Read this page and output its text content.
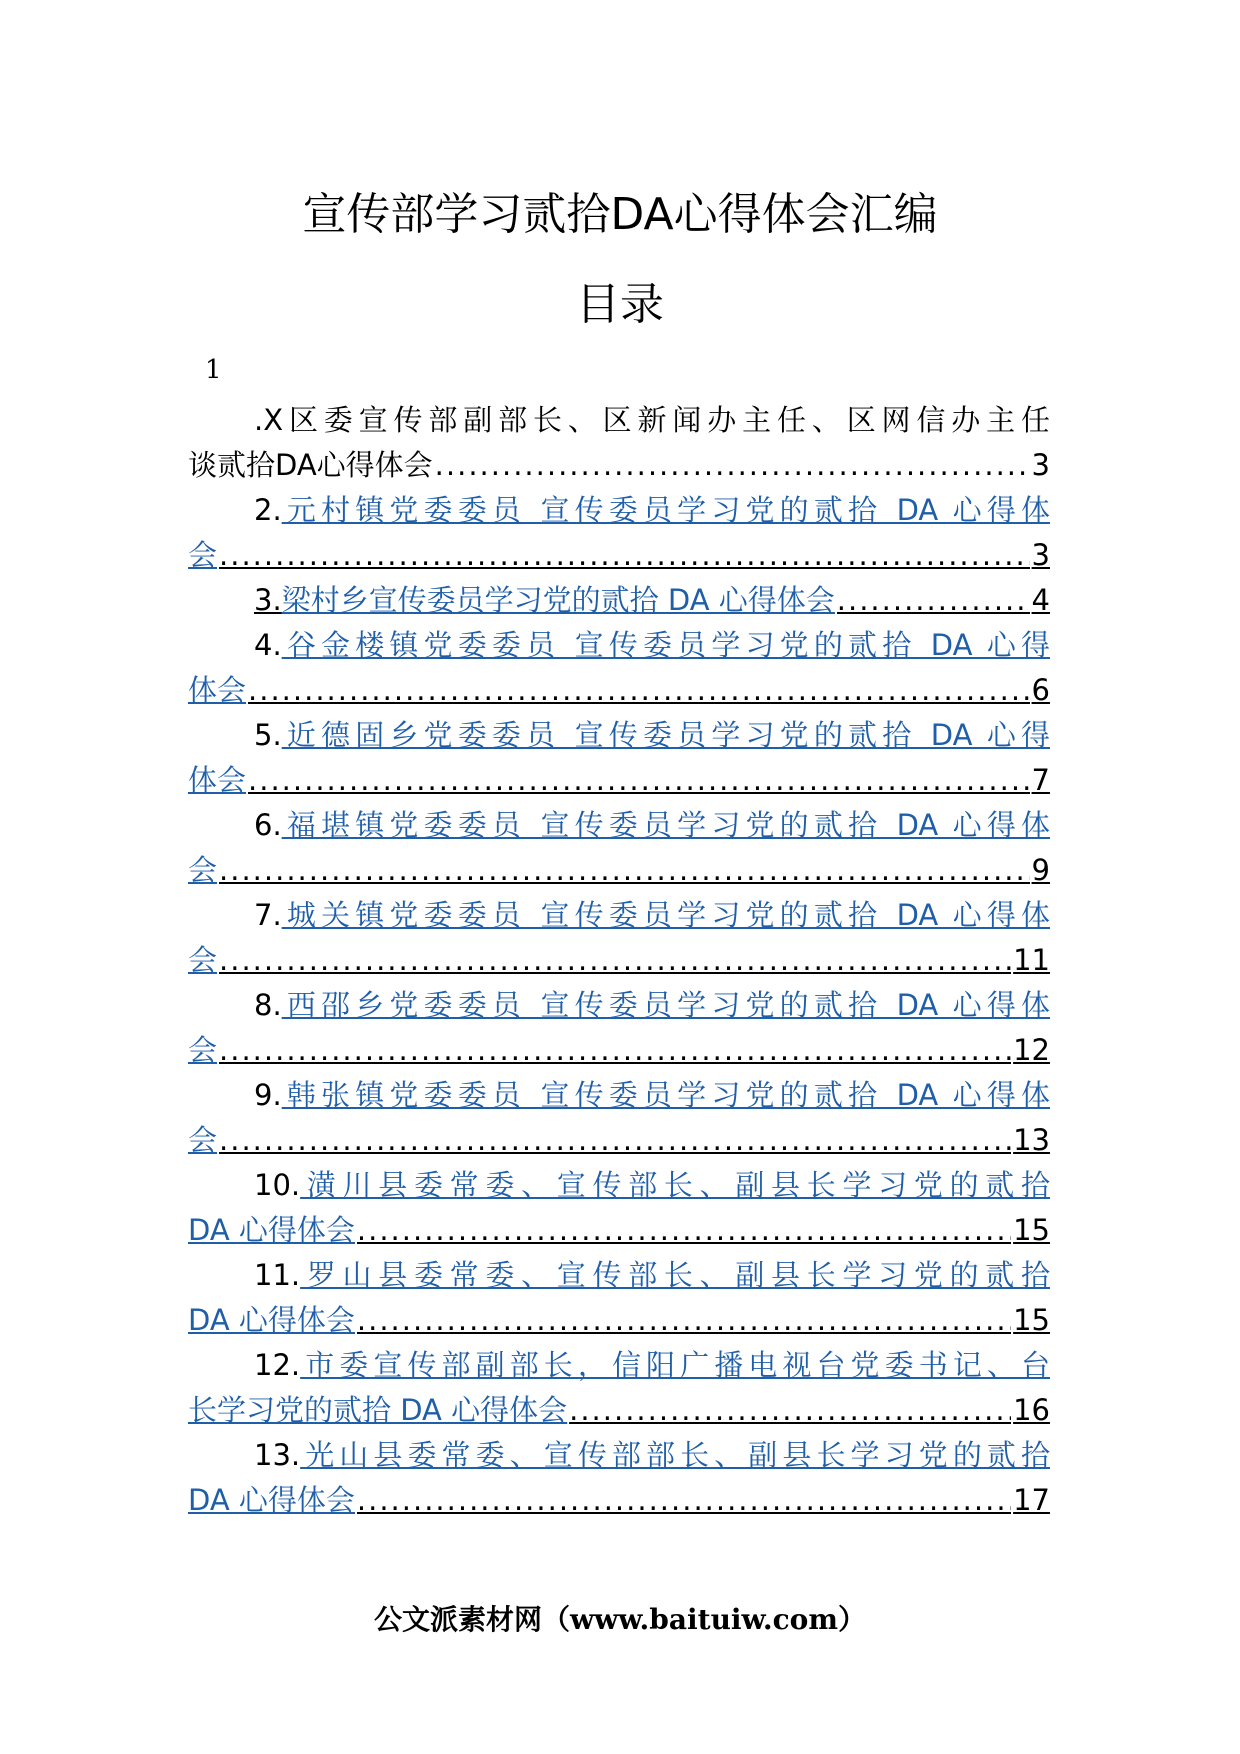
宣传部学习贰拾DA心得体会汇编
目录
1
.X区委宣传部副部长、区新闻办主任、区网信办主任
谈贰拾DA心得体会 .....	3
2.元村镇党委委员 宣传委员学习党的贰拾 DA 心得体
会 .....	3
3. 梁村乡宣传委员学习党的贰拾 DA 心得体会 .....	4
4.谷金楼镇党委委员 宣传委员学习党的贰拾 DA 心得
体会 .....	6
5.近德固乡党委委员 宣传委员学习党的贰拾 DA 心得
体会 .....	7
6.福堪镇党委委员 宣传委员学习党的贰拾 DA 心得体
会 .....	9
7.城关镇党委委员 宣传委员学习党的贰拾 DA 心得体
会 .....	11
8.西邵乡党委委员 宣传委员学习党的贰拾 DA 心得体
会 .....	12
9.韩张镇党委委员 宣传委员学习党的贰拾 DA 心得体
会 .....	13
10.潢川县委常委、宣传部长、副县长学习党的贰拾
DA 心得体会 .....	15
11.罗山县委常委、宣传部长、副县长学习党的贰拾
DA 心得体会 .....	15
12.市委宣传部副部长，信阳广播电视台党委书记、台
长学习党的贰拾 DA 心得体会 .....	16
13.光山县委常委、宣传部部长、副县长学习党的贰拾
DA 心得体会 .....	17
公文派素材网（www.baituiw.com）
